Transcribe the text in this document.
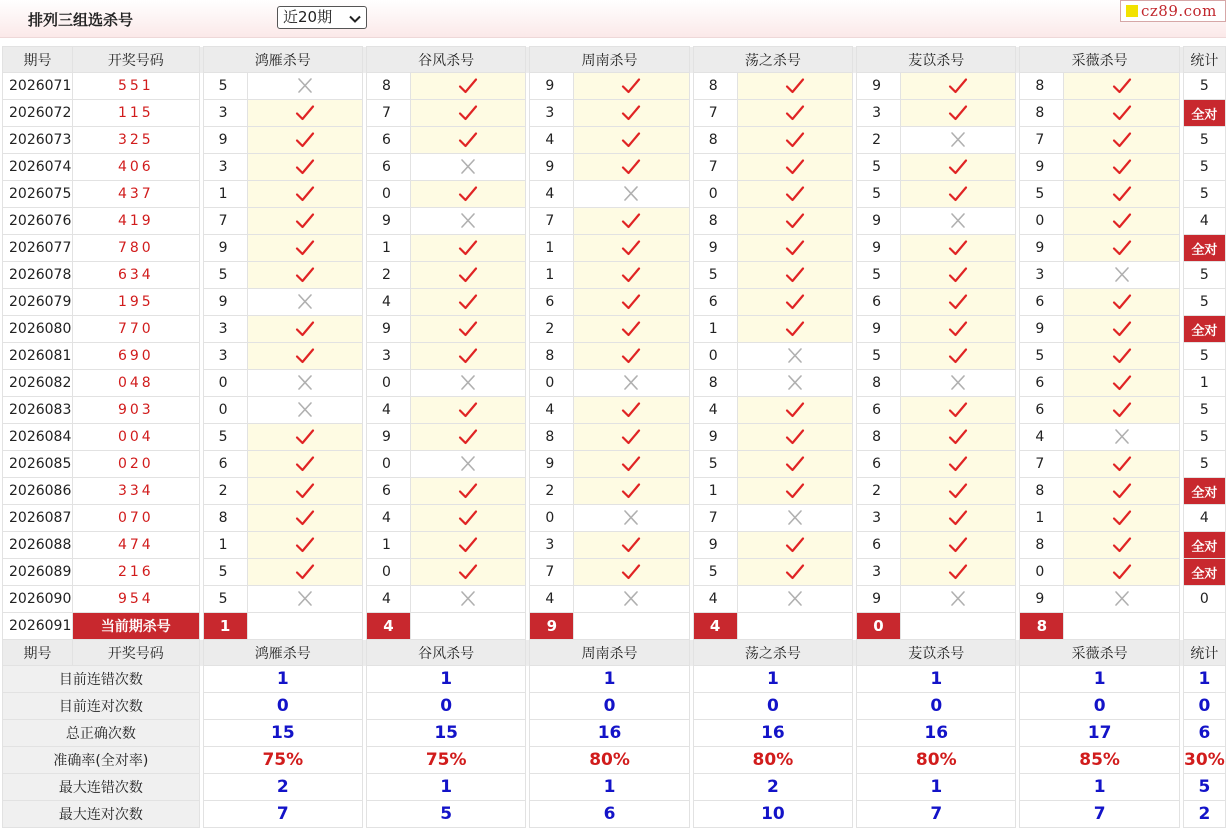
排列三组选杀号	近20期	cz89.com
期号	开奖号码		鸿雁杀号			谷风杀号			周南杀号			荡之杀号			苃苡杀号			采薇杀号			统计
2026071	551		5			8			9			8			9			8			5
2026072	115		3			7			3			7			3			8			全对
2026073	325		9			6			4			8			2			7			5
2026074	406		3			6			9			7			5			9			5
2026075	437		1			0			4			0			5			5			5
2026076	419		7			9			7			8			9			0			4
2026077	780		9			1			1			9			9			9			全对
2026078	634		5			2			1			5			5			3			5
2026079	195		9			4			6			6			6			6			5
2026080	770		3			9			2			1			9			9			全对
2026081	690		3			3			8			0			5			5			5
2026082	048		0			0			0			8			8			6			1
2026083	903		0			4			4			4			6			6			5
2026084	004		5			9			8			9			8			4			5
2026085	020		6			0			9			5			6			7			5
2026086	334		2			6			2			1			2			8			全对
2026087	070		8			4			0			7			3			1			4
2026088	474		1			1			3			9			6			8			全对
2026089	216		5			0			7			5			3			0			全对
2026090	954		5			4			4			4			9			9			0
2026091	当前期杀号		1			4			9			4			0			8			
期号	开奖号码		鸿雁杀号			谷风杀号			周南杀号			荡之杀号			苃苡杀号			采薇杀号			统计
目前连错次数			1			1			1			1			1			1			1
目前连对次数			0			0			0			0			0			0			0
总正确次数			15			15			16			16			16			17			6
准确率(全对率)			75%			75%			80%			80%			80%			85%			30%
最大连错次数			2			1			1			2			1			1			5
最大连对次数			7			5			6			10			7			7			2
